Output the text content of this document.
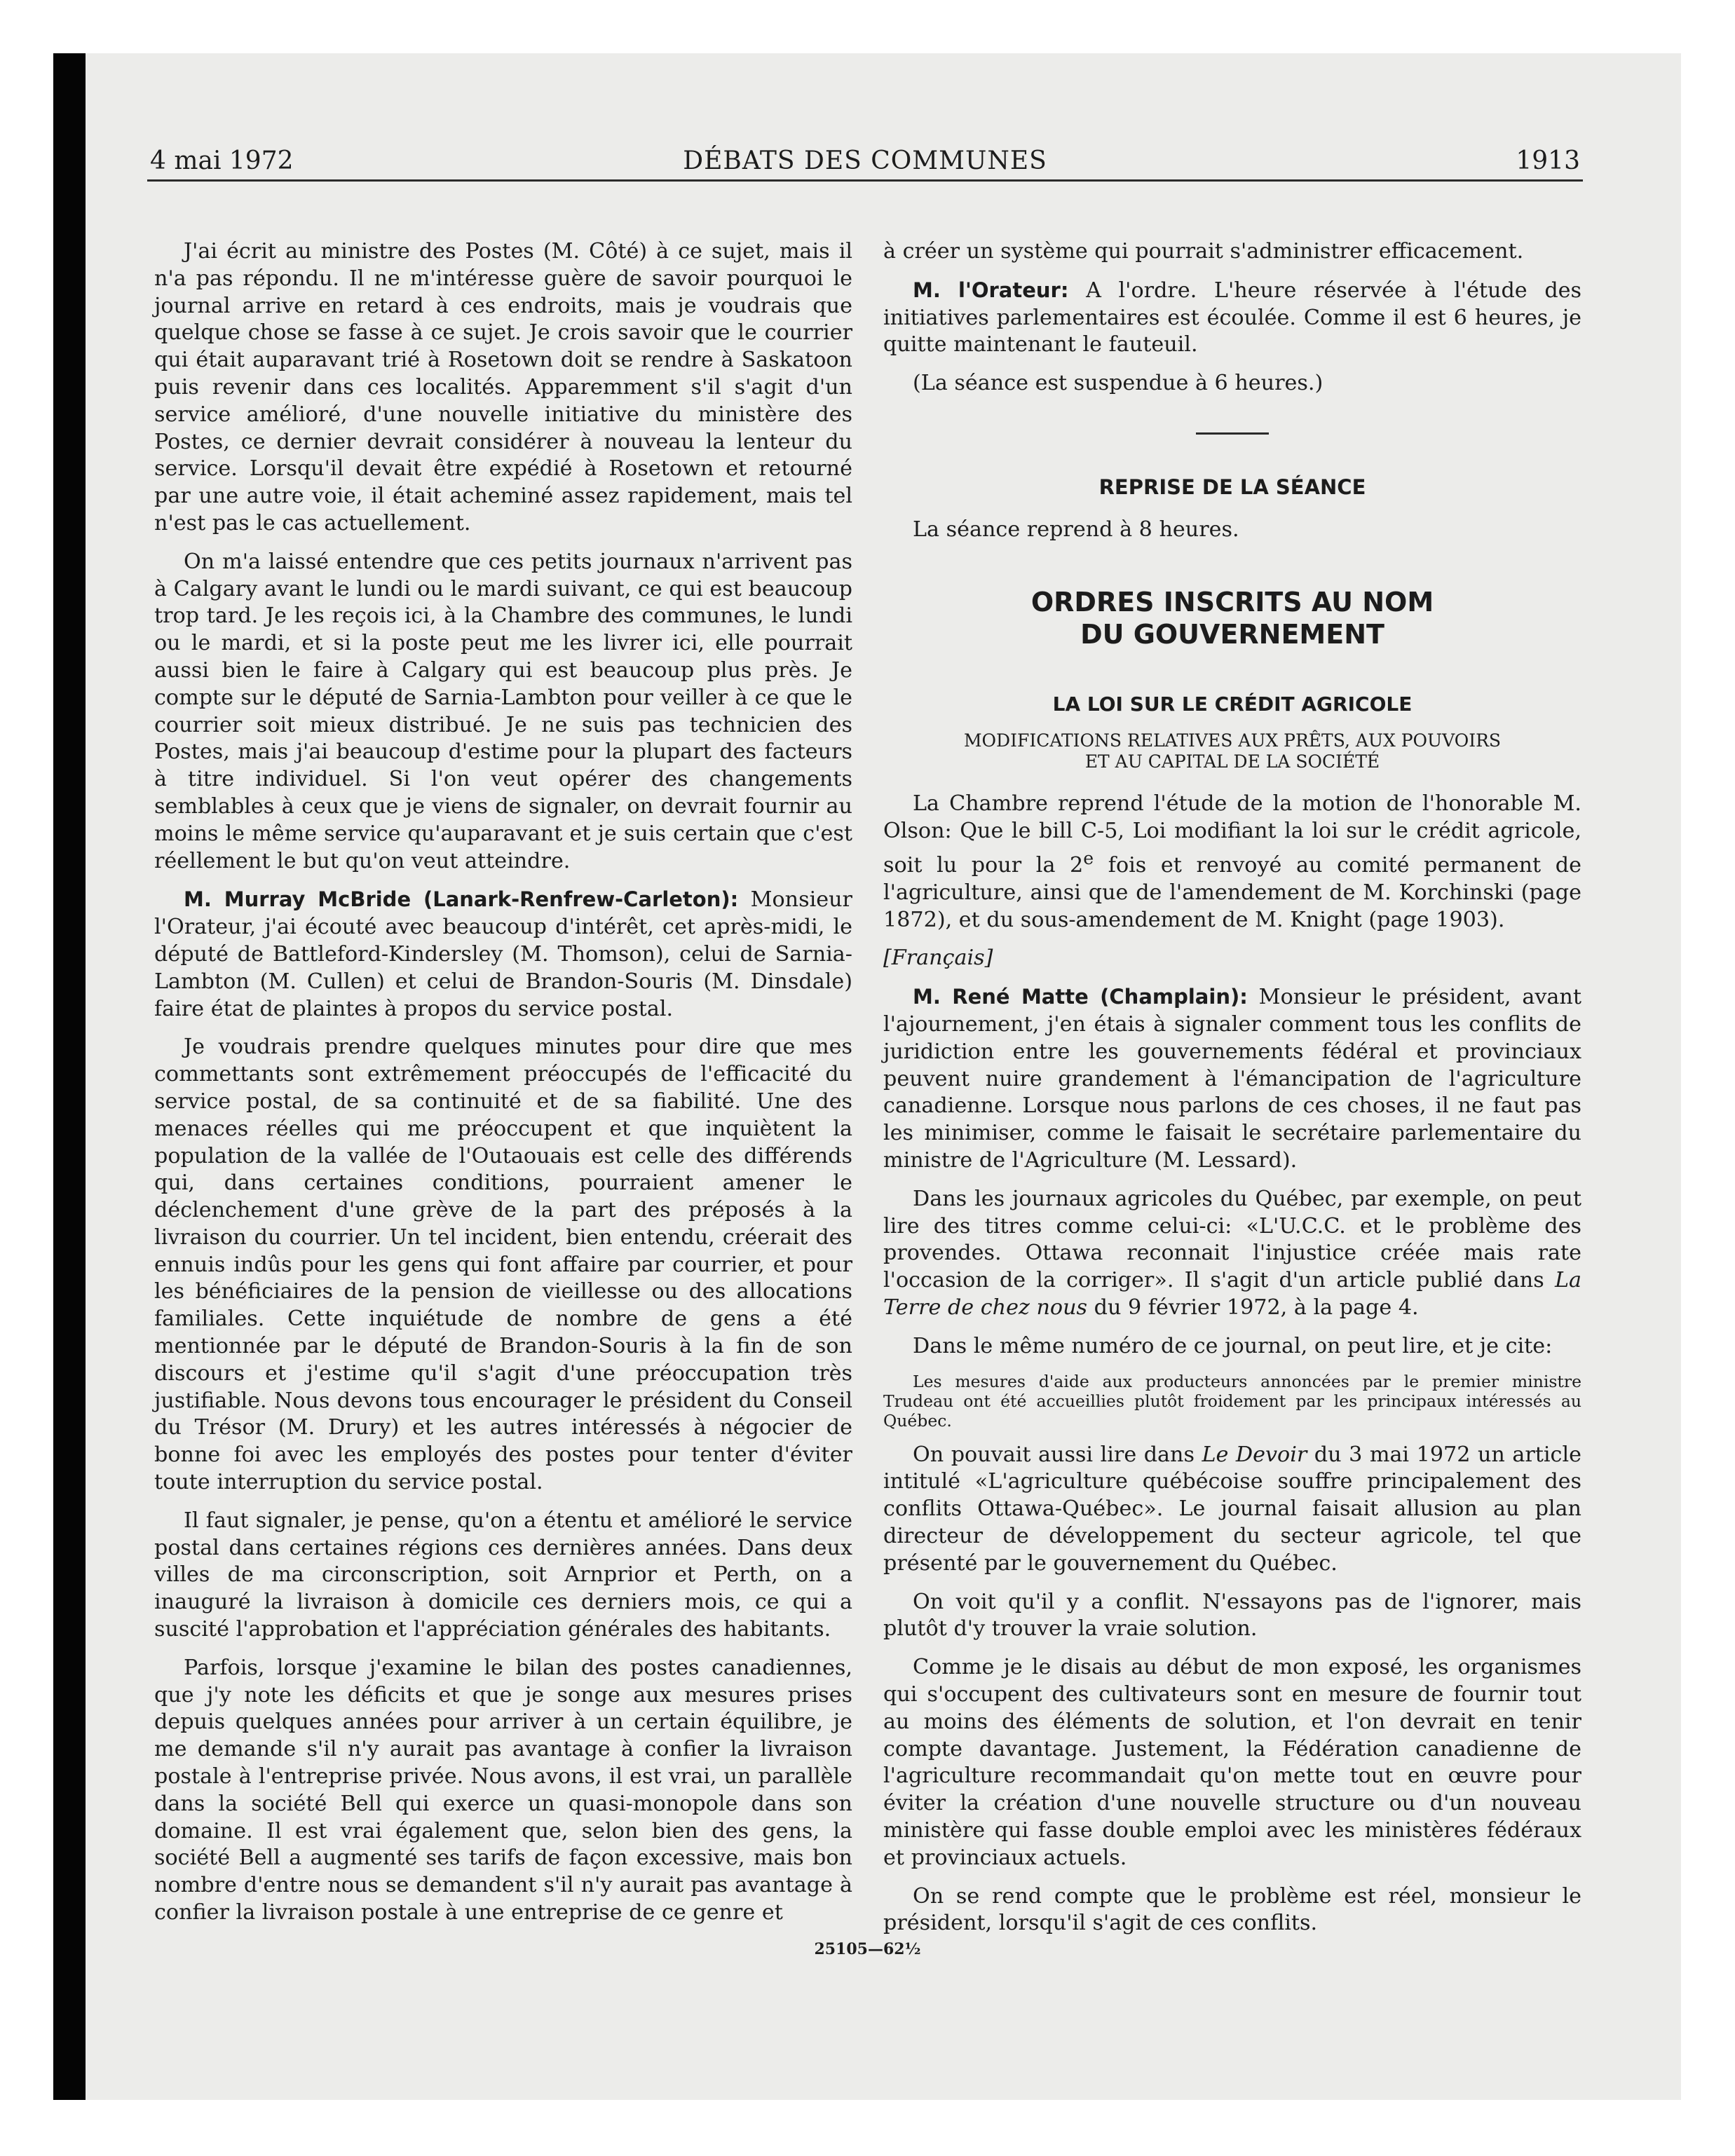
4 mai 1972	DÉBATS DES COMMUNES	1913

J'ai écrit au ministre des Postes (M. Côté) à ce sujet, mais il n'a pas répondu. Il ne m'intéresse guère de savoir pourquoi le journal arrive en retard à ces endroits, mais je voudrais que quelque chose se fasse à ce sujet. Je crois savoir que le courrier qui était auparavant trié à Rosetown doit se rendre à Saskatoon puis revenir dans ces localités. Apparemment s'il s'agit d'un service amélioré, d'une nouvelle initiative du ministère des Postes, ce dernier devrait considérer à nouveau la lenteur du service. Lorsqu'il devait être expédié à Rosetown et retourné par une autre voie, il était acheminé assez rapidement, mais tel n'est pas le cas actuellement.

On m'a laissé entendre que ces petits journaux n'arrivent pas à Calgary avant le lundi ou le mardi suivant, ce qui est beaucoup trop tard. Je les reçois ici, à la Chambre des communes, le lundi ou le mardi, et si la poste peut me les livrer ici, elle pourrait aussi bien le faire à Calgary qui est beaucoup plus près. Je compte sur le député de Sarnia-Lambton pour veiller à ce que le courrier soit mieux distribué. Je ne suis pas technicien des Postes, mais j'ai beaucoup d'estime pour la plupart des facteurs à titre individuel. Si l'on veut opérer des changements semblables à ceux que je viens de signaler, on devrait fournir au moins le même service qu'auparavant et je suis certain que c'est réellement le but qu'on veut atteindre.

M. Murray McBride (Lanark-Renfrew-Carleton): Monsieur l'Orateur, j'ai écouté avec beaucoup d'intérêt, cet après-midi, le député de Battleford-Kindersley (M. Thomson), celui de Sarnia-Lambton (M. Cullen) et celui de Brandon-Souris (M. Dinsdale) faire état de plaintes à propos du service postal.

Je voudrais prendre quelques minutes pour dire que mes commettants sont extrêmement préoccupés de l'efficacité du service postal, de sa continuité et de sa fiabilité. Une des menaces réelles qui me préoccupent et que inquiètent la population de la vallée de l'Outaouais est celle des différends qui, dans certaines conditions, pourraient amener le déclenchement d'une grève de la part des préposés à la livraison du courrier. Un tel incident, bien entendu, créerait des ennuis indûs pour les gens qui font affaire par courrier, et pour les bénéficiaires de la pension de vieillesse ou des allocations familiales. Cette inquiétude de nombre de gens a été mentionnée par le député de Brandon-Souris à la fin de son discours et j'estime qu'il s'agit d'une préoccupation très justifiable. Nous devons tous encourager le président du Conseil du Trésor (M. Drury) et les autres intéressés à négocier de bonne foi avec les employés des postes pour tenter d'éviter toute interruption du service postal.

Il faut signaler, je pense, qu'on a étentu et amélioré le service postal dans certaines régions ces dernières années. Dans deux villes de ma circonscription, soit Arnprior et Perth, on a inauguré la livraison à domicile ces derniers mois, ce qui a suscité l'approbation et l'appréciation générales des habitants.

Parfois, lorsque j'examine le bilan des postes canadiennes, que j'y note les déficits et que je songe aux mesures prises depuis quelques années pour arriver à un certain équilibre, je me demande s'il n'y aurait pas avantage à confier la livraison postale à l'entreprise privée. Nous avons, il est vrai, un parallèle dans la société Bell qui exerce un quasi-monopole dans son domaine. Il est vrai également que, selon bien des gens, la société Bell a augmenté ses tarifs de façon excessive, mais bon nombre d'entre nous se demandent s'il n'y aurait pas avantage à confier la livraison postale à une entreprise de ce genre et

à créer un système qui pourrait s'administrer efficacement.

M. l'Orateur: A l'ordre. L'heure réservée à l'étude des initiatives parlementaires est écoulée. Comme il est 6 heures, je quitte maintenant le fauteuil.

(La séance est suspendue à 6 heures.)

REPRISE DE LA SÉANCE

La séance reprend à 8 heures.

ORDRES INSCRITS AU NOM
DU GOUVERNEMENT
LA LOI SUR LE CRÉDIT AGRICOLE
MODIFICATIONS RELATIVES AUX PRÊTS, AUX POUVOIRS
ET AU CAPITAL DE LA SOCIÉTÉ

La Chambre reprend l'étude de la motion de l'honorable M. Olson: Que le bill C-5, Loi modifiant la loi sur le crédit agricole, soit lu pour la 2e fois et renvoyé au comité permanent de l'agriculture, ainsi que de l'amendement de M. Korchinski (page 1872), et du sous-amendement de M. Knight (page 1903).

[Français]

M. René Matte (Champlain): Monsieur le président, avant l'ajournement, j'en étais à signaler comment tous les conflits de juridiction entre les gouvernements fédéral et provinciaux peuvent nuire grandement à l'émancipation de l'agriculture canadienne. Lorsque nous parlons de ces choses, il ne faut pas les minimiser, comme le faisait le secrétaire parlementaire du ministre de l'Agriculture (M. Lessard).

Dans les journaux agricoles du Québec, par exemple, on peut lire des titres comme celui-ci: «L'U.C.C. et le problème des provendes. Ottawa reconnait l'injustice créée mais rate l'occasion de la corriger». Il s'agit d'un article publié dans La Terre de chez nous du 9 février 1972, à la page 4.

Dans le même numéro de ce journal, on peut lire, et je cite:

Les mesures d'aide aux producteurs annoncées par le premier ministre Trudeau ont été accueillies plutôt froidement par les principaux intéressés au Québec.

On pouvait aussi lire dans Le Devoir du 3 mai 1972 un article intitulé «L'agriculture québécoise souffre principalement des conflits Ottawa-Québec». Le journal faisait allusion au plan directeur de développement du secteur agricole, tel que présenté par le gouvernement du Québec.

On voit qu'il y a conflit. N'essayons pas de l'ignorer, mais plutôt d'y trouver la vraie solution.

Comme je le disais au début de mon exposé, les organismes qui s'occupent des cultivateurs sont en mesure de fournir tout au moins des éléments de solution, et l'on devrait en tenir compte davantage. Justement, la Fédération canadienne de l'agriculture recommandait qu'on mette tout en œuvre pour éviter la création d'une nouvelle structure ou d'un nouveau ministère qui fasse double emploi avec les ministères fédéraux et provinciaux actuels.

On se rend compte que le problème est réel, monsieur le président, lorsqu'il s'agit de ces conflits.

25105—62½
